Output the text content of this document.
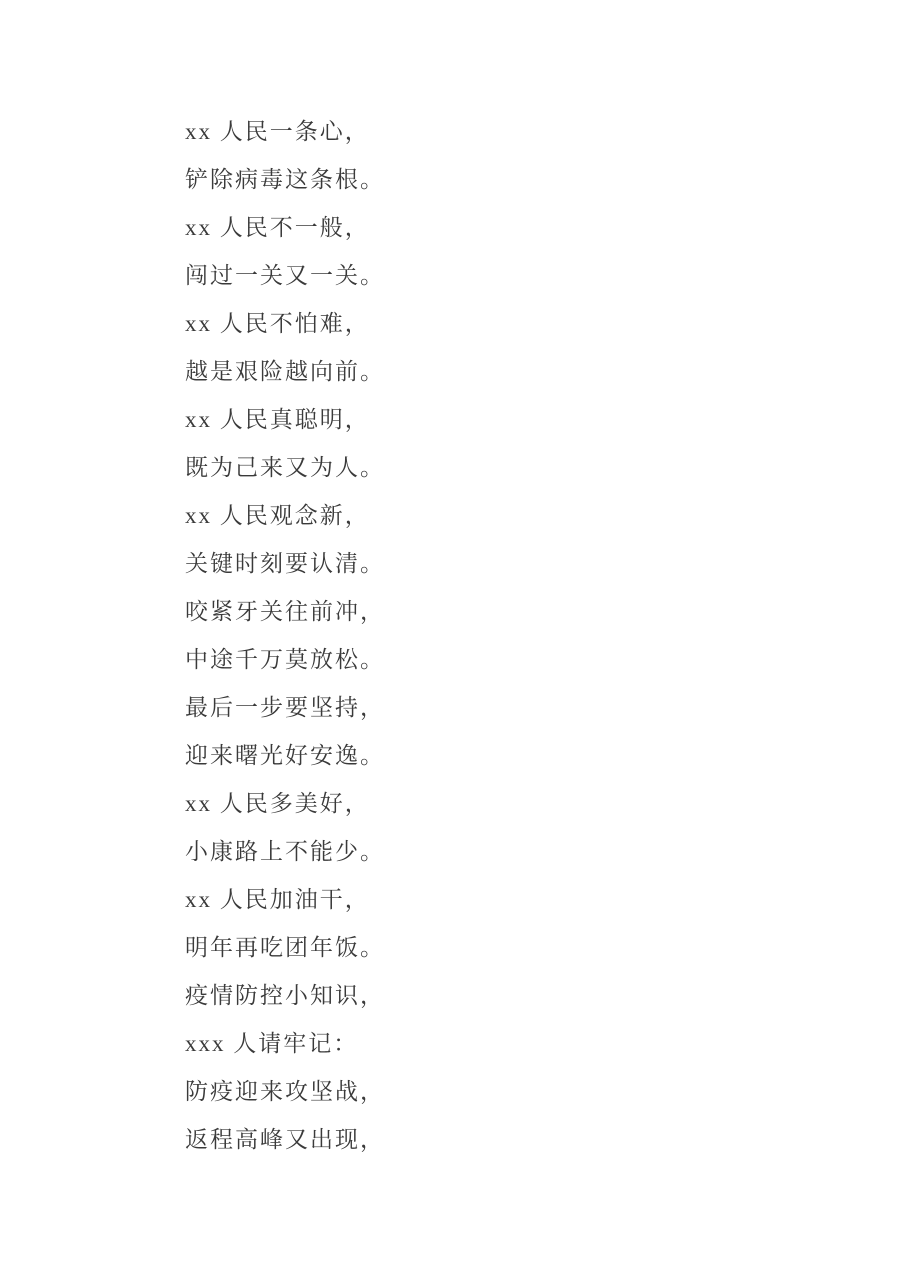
xx 人民一条心，
铲除病毒这条根。
xx 人民不一般，
闯过一关又一关。
xx 人民不怕难，
越是艰险越向前。
xx 人民真聪明，
既为己来又为人。
xx 人民观念新，
关键时刻要认清。
咬紧牙关往前冲，
中途千万莫放松。
最后一步要坚持，
迎来曙光好安逸。
xx 人民多美好，
小康路上不能少。
xx 人民加油干，
明年再吃团年饭。
疫情防控小知识，
xxx 人请牢记：
防疫迎来攻坚战，
返程高峰又出现，
